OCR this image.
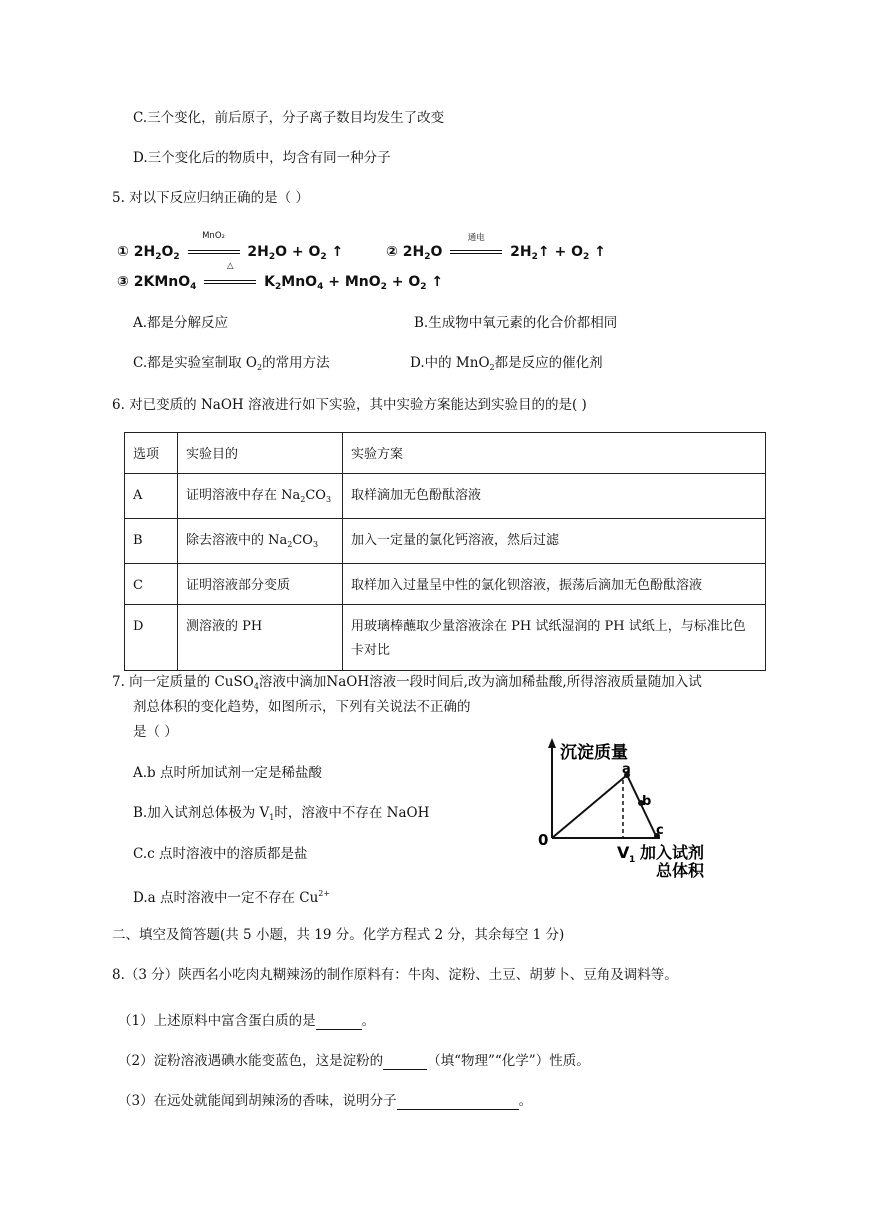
C.三个变化，前后原子，分子离子数目均发生了改变
D.三个变化后的物质中，均含有同一种分子
5. 对以下反应归纳正确的是（ ）
① $2H_2O_2$
MnO₂
$2H_2O + O_2$ ↑	② $2H_2O$
通电
$2H_2↑ + O_2$ ↑
③ 2KMnO$_4$
△
$K_2MnO_4 + MnO_2 + O_2$ ↑
A.都是分解反应	B.生成物中氧元素的化合价都相同
C.都是实验室制取 $O_2$的常用方法	D.中的 MnO$_2$都是反应的催化剂
6. 对已变质的 NaOH 溶液进行如下实验，其中实验方案能达到实验目的的是( )
选项	实验目的	实验方案
A	证明溶液中存在 $Na_2CO_3$	取样滴加无色酚酞溶液
B	除去溶液中的 $Na_2CO_3$	加入一定量的氯化钙溶液，然后过滤
C	证明溶液部分变质	取样加入过量呈中性的氯化钡溶液，振荡后滴加无色酚酞溶液
D	测溶液的 PH	用玻璃棒蘸取少量溶液涂在 PH 试纸湿润的 PH 试纸上，与标准比色卡对比
7. 向一定质量的 CuSO$_4$溶液中滴加NaOH溶液一段时间后,改为滴加稀盐酸,所得溶液质量随加入试
剂总体积的变化趋势，如图所示，下列有关说法不正确的
是（ ）
A.b 点时所加试剂一定是稀盐酸
B.加入试剂总体极为 $V_1$时，溶液中不存在 NaOH
C.c 点时溶液中的溶质都是盐
D.a 点时溶液中一定不存在 $Cu^{2+}$
沉淀质量
a
b
c
0
V 1 加入试剂
总体积
二、填空及简答题(共 5 小题，共 19 分。化学方程式 2 分，其余每空 1 分)
8.（3 分）陕西名小吃肉丸糊辣汤的制作原料有：牛肉、淀粉、土豆、胡萝卜、豆角及调料等。
（1）上述原料中富含蛋白质的是	。
（2）淀粉溶液遇碘水能变蓝色，这是淀粉的	（填“物理”“化学”）性质。
（3）在远处就能闻到胡辣汤的香味，说明分子	。
